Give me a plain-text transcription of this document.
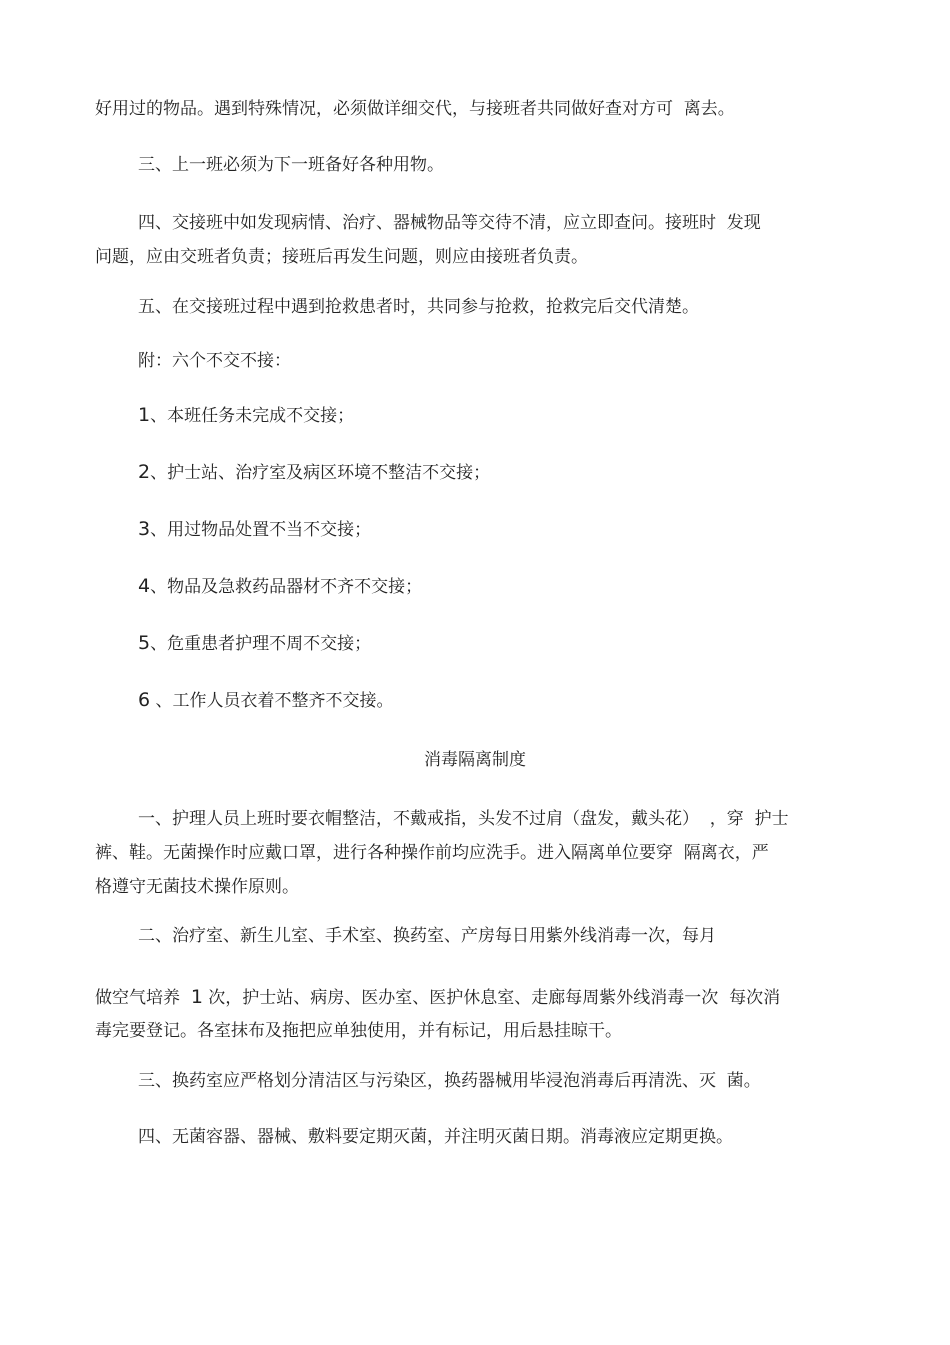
好用过的物品。遇到特殊情况，必须做详细交代，与接班者共同做好查对方可  离去。

三、上一班必须为下一班备好各种用物。

四、交接班中如发现病情、治疗、器械物品等交待不清，应立即查问。接班时  发现

问题，应由交班者负责；接班后再发生问题，则应由接班者负责。

五、在交接班过程中遇到抢救患者时，共同参与抢救，抢救完后交代清楚。

附：六个不交不接：

1、本班任务未完成不交接；

2、护士站、治疗室及病区环境不整洁不交接；

3、用过物品处置不当不交接；

4、物品及急救药品器材不齐不交接；

5、危重患者护理不周不交接；

6 、工作人员衣着不整齐不交接。

消毒隔离制度

一、护理人员上班时要衣帽整洁，不戴戒指，头发不过肩（盘发，戴头花）  ，穿  护士

裤、鞋。无菌操作时应戴口罩，进行各种操作前均应洗手。进入隔离单位要穿  隔离衣，严

格遵守无菌技术操作原则。

二、治疗室、新生儿室、手术室、换药室、产房每日用紫外线消毒一次，每月

做空气培养  1 次，护士站、病房、医办室、医护休息室、走廊每周紫外线消毒一次  每次消

毒完要登记。各室抹布及拖把应单独使用，并有标记，用后悬挂晾干。

三、换药室应严格划分清洁区与污染区，换药器械用毕浸泡消毒后再清洗、灭  菌。

四、无菌容器、器械、敷料要定期灭菌，并注明灭菌日期。消毒液应定期更换。
